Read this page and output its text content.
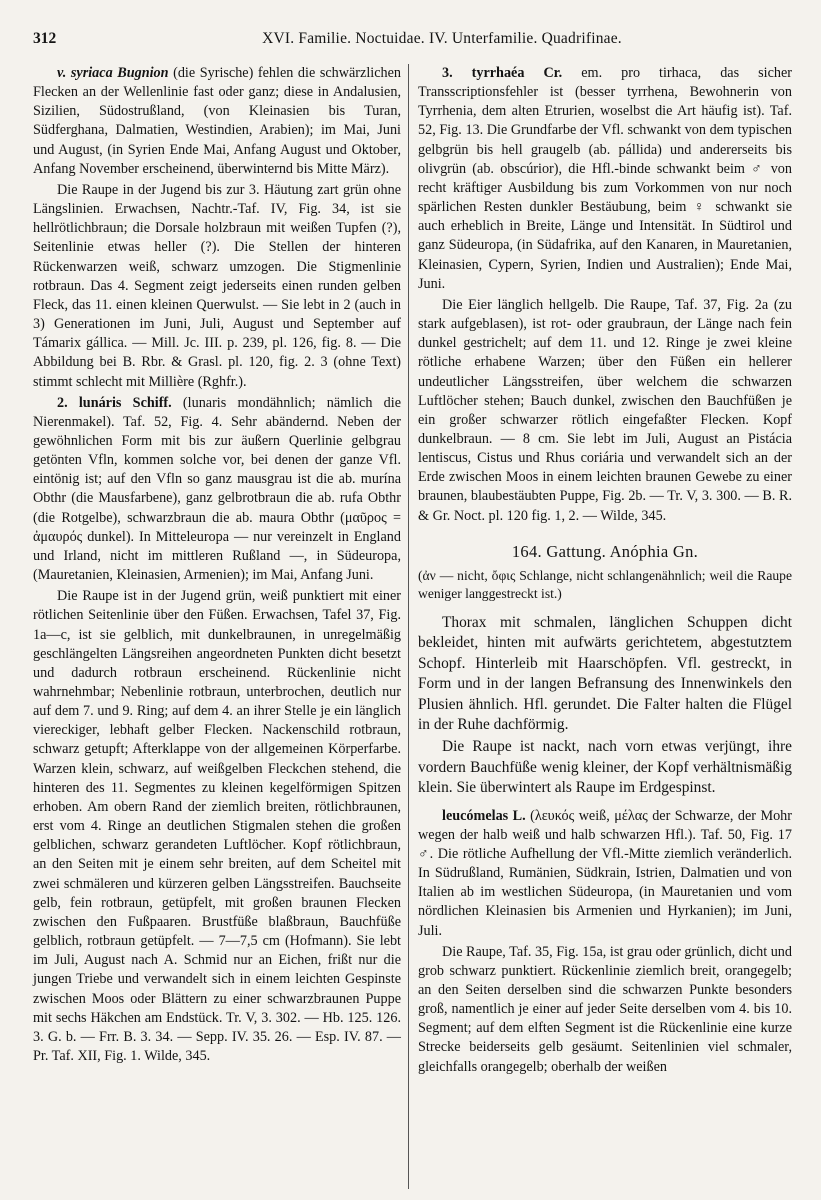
312	XVI. Familie. Noctuidae. IV. Unterfamilie. Quadrifinae.

v. syriaca Bugnion (die Syrische) fehlen die schwärzlichen Flecken an der Wellenlinie fast oder ganz; diese in Andalusien, Sizilien, Südostrußland, (von Kleinasien bis Turan, Südferghana, Dalmatien, Westindien, Arabien); im Mai, Juni und August, (in Syrien Ende Mai, Anfang August und Oktober, Anfang November erscheinend, überwinternd bis Mitte März).

Die Raupe in der Jugend bis zur 3. Häutung zart grün ohne Längslinien. Erwachsen, Nachtr.-Taf. IV, Fig. 34, ist sie hellrötlichbraun; die Dorsale holzbraun mit weißen Tupfen (?), Seitenlinie etwas heller (?). Die Stellen der hinteren Rückenwarzen weiß, schwarz umzogen. Die Stigmenlinie rotbraun. Das 4. Segment zeigt jederseits einen runden gelben Fleck, das 11. einen kleinen Querwulst. — Sie lebt in 2 (auch in 3) Generationen im Juni, Juli, August und September auf Támarix gállica. — Mill. Jc. III. p. 239, pl. 126, fig. 8. — Die Abbildung bei B. Rbr. & Grasl. pl. 120, fig. 2. 3 (ohne Text) stimmt schlecht mit Millière (Rghfr.).

2. lunáris Schiff. (lunaris mondähnlich; nämlich die Nierenmakel). Taf. 52, Fig. 4. Sehr abändernd. Neben der gewöhnlichen Form mit bis zur äußern Querlinie gelbgrau getönten Vfln, kommen solche vor, bei denen der ganze Vfl. eintönig ist; auf den Vfln so ganz mausgrau ist die ab. murína Obthr (die Mausfarbene), ganz gelbrotbraun die ab. rufa Obthr (die Rotgelbe), schwarzbraun die ab. maura Obthr (μαῦρος = ἀμαυρός dunkel). In Mitteleuropa — nur vereinzelt in England und Irland, nicht im mittleren Rußland —, in Südeuropa, (Mauretanien, Kleinasien, Armenien); im Mai, Anfang Juni.

Die Raupe ist in der Jugend grün, weiß punktiert mit einer rötlichen Seitenlinie über den Füßen. Erwachsen, Tafel 37, Fig. 1a—c, ist sie gelblich, mit dunkelbraunen, in unregelmäßig geschlängelten Längsreihen angeordneten Punkten dicht besetzt und dadurch rotbraun erscheinend. Rückenlinie nicht wahrnehmbar; Nebenlinie rotbraun, unterbrochen, deutlich nur auf dem 7. und 9. Ring; auf dem 4. an ihrer Stelle je ein länglich viereckiger, lebhaft gelber Flecken. Nackenschild rotbraun, schwarz getupft; Afterklappe von der allgemeinen Körperfarbe. Warzen klein, schwarz, auf weißgelben Fleckchen stehend, die hinteren des 11. Segmentes zu kleinen kegelförmigen Spitzen erhoben. Am obern Rand der ziemlich breiten, rötlichbraunen, erst vom 4. Ringe an deutlichen Stigmalen stehen die großen gelblichen, schwarz gerandeten Luftlöcher. Kopf rötlichbraun, an den Seiten mit je einem sehr breiten, auf dem Scheitel mit zwei schmäleren und kürzeren gelben Längsstreifen. Bauchseite gelb, fein rotbraun, getüpfelt, mit großen braunen Flecken zwischen den Fußpaaren. Brustfüße blaßbraun, Bauchfüße gelblich, rotbraun getüpfelt. — 7—7,5 cm (Hofmann). Sie lebt im Juli, August nach A. Schmid nur an Eichen, frißt nur die jungen Triebe und verwandelt sich in einem leichten Gespinste zwischen Moos oder Blättern zu einer schwarzbraunen Puppe mit sechs Häkchen am Endstück. Tr. V, 3. 302. — Hb. 125. 126. 3. G. b. — Frr. B. 3. 34. — Sepp. IV. 35. 26. — Esp. IV. 87. — Pr. Taf. XII, Fig. 1. Wilde, 345.

3. tyrrhaéa Cr. em. pro tirhaca, das sicher Transscriptionsfehler ist (besser tyrrhena, Bewohnerin von Tyrrhenia, dem alten Etrurien, woselbst die Art häufig ist). Taf. 52, Fig. 13. Die Grundfarbe der Vfl. schwankt von dem typischen gelbgrün bis hell graugelb (ab. pállida) und andererseits bis olivgrün (ab. obscúrior), die Hfl.-binde schwankt beim ♂ von recht kräftiger Ausbildung bis zum Vorkommen von nur noch spärlichen Resten dunkler Bestäubung, beim ♀ schwankt sie auch erheblich in Breite, Länge und Intensität. In Südtirol und ganz Südeuropa, (in Südafrika, auf den Kanaren, in Mauretanien, Kleinasien, Cypern, Syrien, Indien und Australien); Ende Mai, Juni.

Die Eier länglich hellgelb. Die Raupe, Taf. 37, Fig. 2a (zu stark aufgeblasen), ist rot- oder graubraun, der Länge nach fein dunkel gestrichelt; auf dem 11. und 12. Ringe je zwei kleine rötliche erhabene Warzen; über den Füßen ein hellerer undeutlicher Längsstreifen, über welchem die schwarzen Luftlöcher stehen; Bauch dunkel, zwischen den Bauchfüßen je ein großer schwarzer rötlich eingefaßter Flecken. Kopf dunkelbraun. — 8 cm. Sie lebt im Juli, August an Pistácia lentiscus, Cistus und Rhus coriária und verwandelt sich an der Erde zwischen Moos in einem leichten braunen Gewebe zu einer braunen, blaubestäubten Puppe, Fig. 2b. — Tr. V, 3. 300. — B. R. & Gr. Noct. pl. 120 fig. 1, 2. — Wilde, 345.

164. Gattung. Anóphia Gn.

(ἀν — nicht, ὄφις Schlange, nicht schlangenähnlich; weil die Raupe weniger langgestreckt ist.)

Thorax mit schmalen, länglichen Schuppen dicht bekleidet, hinten mit aufwärts gerichtetem, abgestutztem Schopf. Hinterleib mit Haarschöpfen. Vfl. gestreckt, in Form und in der langen Befransung des Innenwinkels den Plusien ähnlich. Hfl. gerundet. Die Falter halten die Flügel in der Ruhe dachförmig.

Die Raupe ist nackt, nach vorn etwas verjüngt, ihre vordern Bauchfüße wenig kleiner, der Kopf verhältnismäßig klein. Sie überwintert als Raupe im Erdgespinst.

leucómelas L. (λευκός weiß, μέλας der Schwarze, der Mohr wegen der halb weiß und halb schwarzen Hfl.). Taf. 50, Fig. 17 ♂. Die rötliche Aufhellung der Vfl.-Mitte ziemlich veränderlich. In Südrußland, Rumänien, Südkrain, Istrien, Dalmatien und von Italien ab im westlichen Südeuropa, (in Mauretanien und vom nördlichen Kleinasien bis Armenien und Hyrkanien); im Juni, Juli.

Die Raupe, Taf. 35, Fig. 15a, ist grau oder grünlich, dicht und grob schwarz punktiert. Rückenlinie ziemlich breit, orangegelb; an den Seiten derselben sind die schwarzen Punkte besonders groß, namentlich je einer auf jeder Seite derselben vom 4. bis 10. Segment; auf dem elften Segment ist die Rückenlinie eine kurze Strecke beiderseits gelb gesäumt. Seitenlinien viel schmaler, gleichfalls orangegelb; oberhalb der weißen
